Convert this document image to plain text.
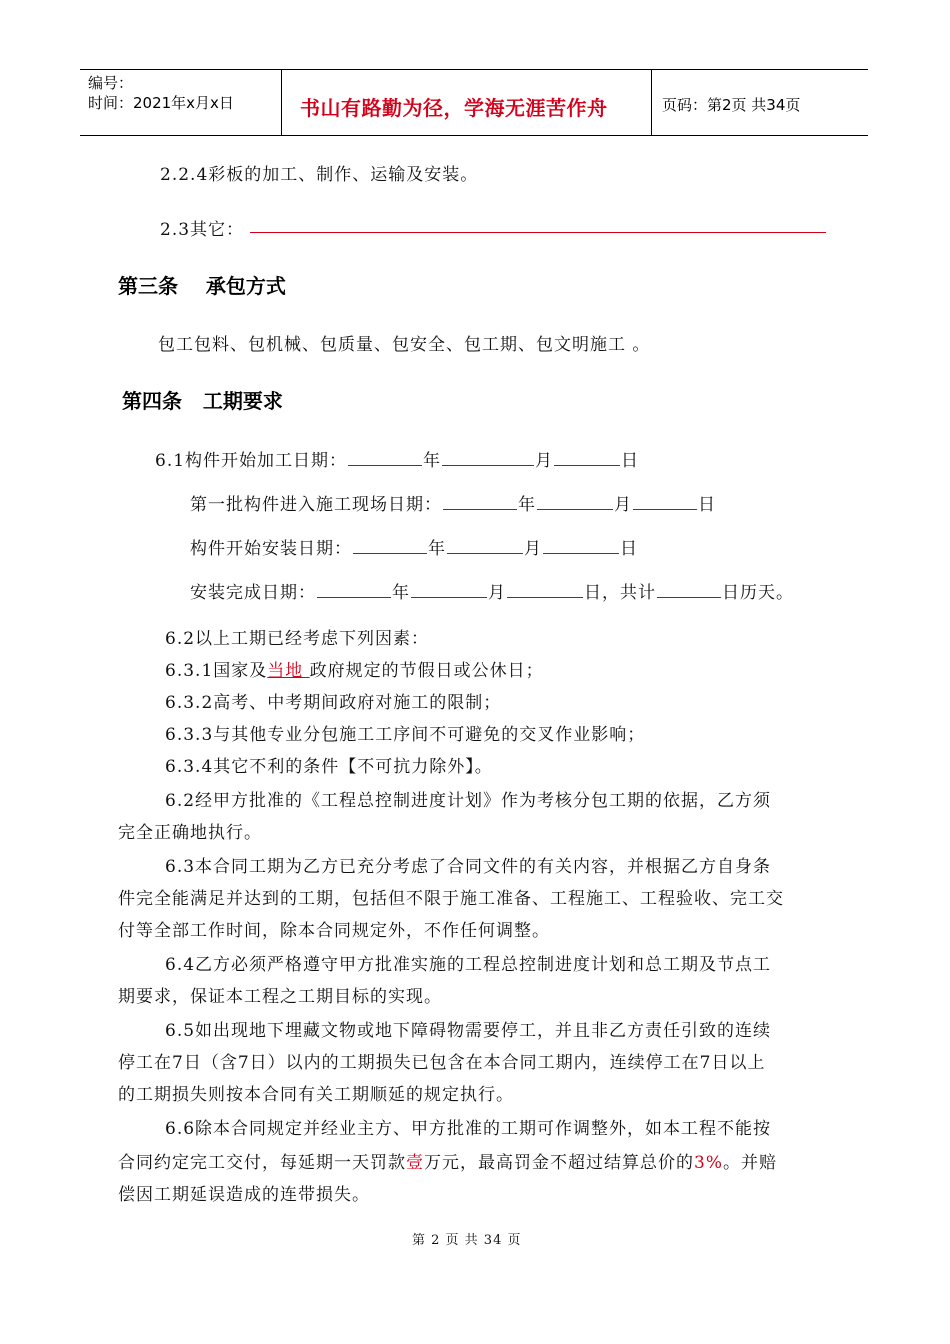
编号：
时间：2021年x月x日	书山有路勤为径，学海无涯苦作舟	页码：第2页 共34页
2.2.4彩板的加工、制作、运输及安装。
2.3其它：
第三条    承包方式
包工包料、包机械、包质量、包安全、包工期、包文明施工 。
第四条   工期要求
6.1构件开始加工日期：	年	月	日
第一批构件进入施工现场日期：	年	月	日
构件开始安装日期：	年	月	日
安装完成日期：	年	月	日，共计	日历天。
6.2以上工期已经考虑下列因素：
6.3.1国家及当地 政府规定的节假日或公休日；
6.3.2高考、中考期间政府对施工的限制；
6.3.3与其他专业分包施工工序间不可避免的交叉作业影响；
6.3.4其它不利的条件【不可抗力除外】。
6.2经甲方批准的《工程总控制进度计划》作为考核分包工期的依据，乙方须
完全正确地执行。
6.3本合同工期为乙方已充分考虑了合同文件的有关内容，并根据乙方自身条
件完全能满足并达到的工期，包括但不限于施工准备、工程施工、工程验收、完工交
付等全部工作时间，除本合同规定外，不作任何调整。
6.4乙方必须严格遵守甲方批准实施的工程总控制进度计划和总工期及节点工
期要求，保证本工程之工期目标的实现。
6.5如出现地下埋藏文物或地下障碍物需要停工，并且非乙方责任引致的连续
停工在7日（含7日）以内的工期损失已包含在本合同工期内，连续停工在7日以上
的工期损失则按本合同有关工期顺延的规定执行。
6.6除本合同规定并经业主方、甲方批准的工期可作调整外，如本工程不能按
合同约定完工交付，每延期一天罚款壹万元，最高罚金不超过结算总价的3%。并赔
偿因工期延误造成的连带损失。
第 2 页 共 34 页
